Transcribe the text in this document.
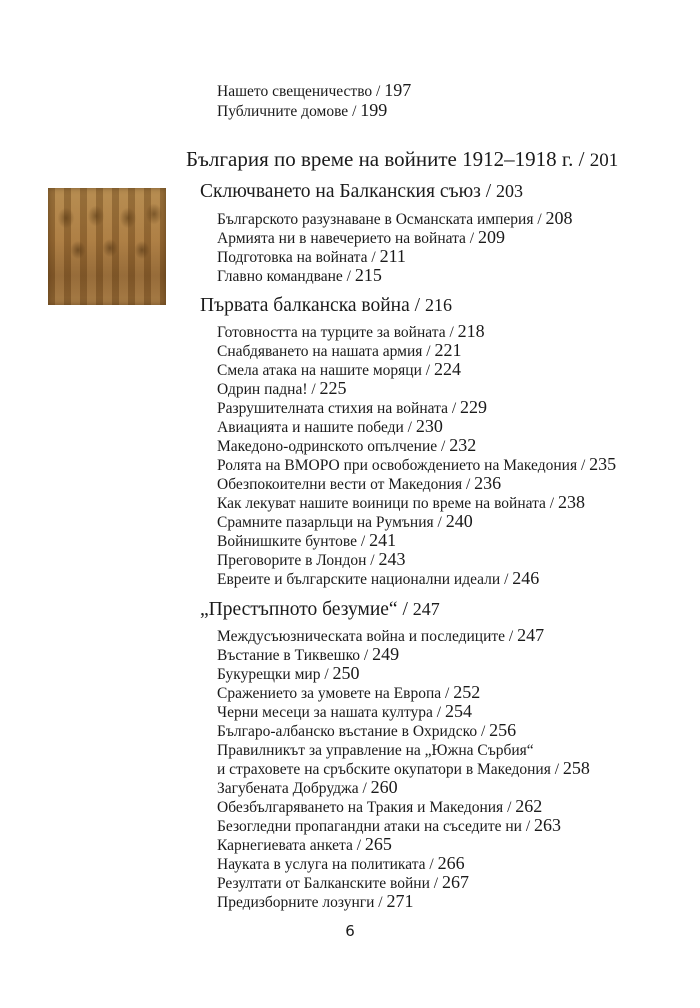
Нашето свещеничество / 197
Публичните домове / 199
България по време на войните 1912–1918 г. / 201
Сключването на Балканския съюз / 203
Българското разузнаване в Османската империя / 208
Армията ни в навечерието на войната / 209
Подготовка на войната / 211
Главно командване / 215
Първата балканска война / 216
Готовността на турците за войната / 218
Снабдяването на нашата армия / 221
Смела атака на нашите моряци / 224
Одрин падна! / 225
Разрушителната стихия на войната / 229
Авиацията и нашите победи / 230
Македоно-одринското опълчение / 232
Ролята на ВМОРО при освобождението на Македония / 235
Обезпокоителни вести от Македония / 236
Как лекуват нашите воиници по време на войната / 238
Срамните пазарльци на Румъния / 240
Войнишките бунтове / 241
Преговорите в Лондон / 243
Евреите и българските национални идеали / 246
„Престъпното безумие“ / 247
Междусъюзническата война и последиците / 247
Въстание в Тиквешко / 249
Букурещки мир / 250
Сражението за умовете на Европа / 252
Черни месеци за нашата култура / 254
Българо-албанско въстание в Охридско / 256
Правилникът за управление на „Южна Сърбия“
и страховете на сръбските окупатори в Македония / 258
Загубената Добруджа / 260
Обезбългаряването на Тракия и Македония / 262
Безогледни пропагандни атаки на съседите ни / 263
Карнегиевата анкета / 265
Науката в услуга на политиката / 266
Резултати от Балканските войни / 267
Предизборните лозунги / 271
6
